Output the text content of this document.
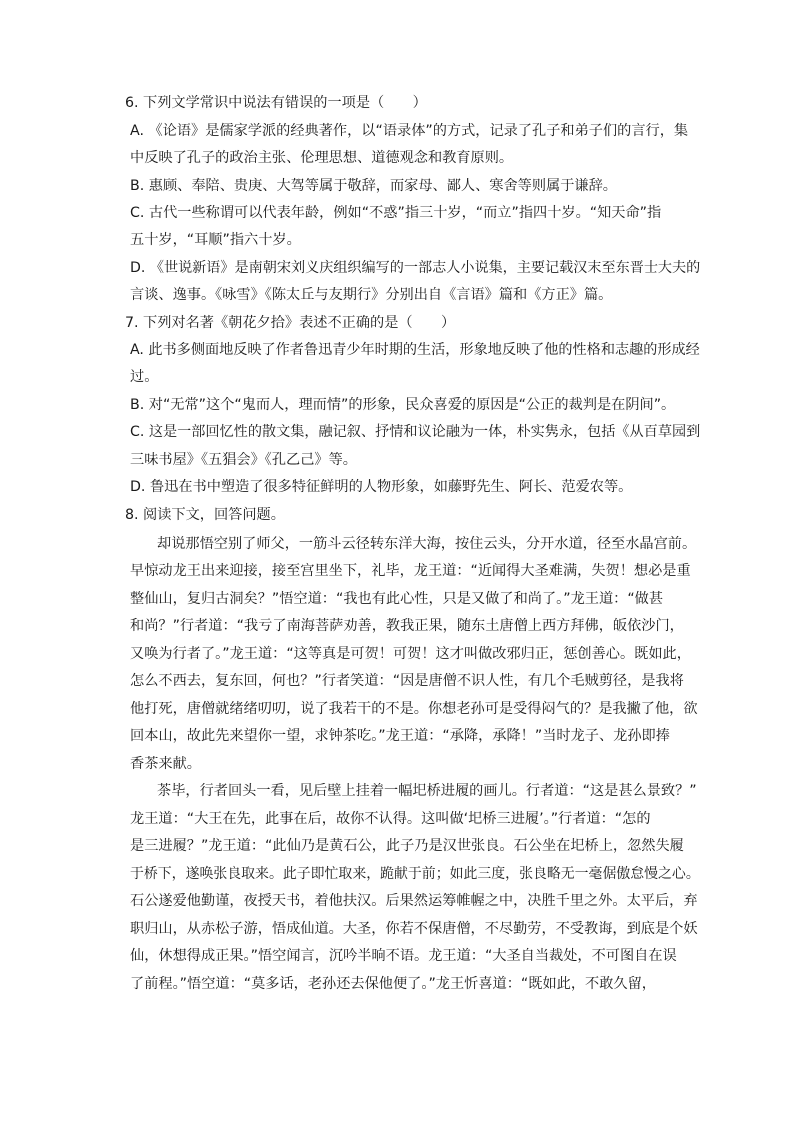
6. 下列文学常识中说法有错误的一项是（　　）
A. 《论语》是儒家学派的经典著作，以“语录体”的方式，记录了孔子和弟子们的言行，集
中反映了孔子的政治主张、伦理思想、道德观念和教育原则。
B. 惠顾、奉陪、贵庚、大驾等属于敬辞，而家母、鄙人、寒舍等则属于谦辞。
C. 古代一些称谓可以代表年龄，例如“不惑”指三十岁，“而立”指四十岁。“知天命”指
五十岁，“耳顺”指六十岁。
D. 《世说新语》是南朝宋刘义庆组织编写的一部志人小说集，主要记载汉末至东晋士大夫的
言谈、逸事。《咏雪》《陈太丘与友期行》分别出自《言语》篇和《方正》篇。
7. 下列对名著《朝花夕拾》表述不正确的是（　　）
A. 此书多侧面地反映了作者鲁迅青少年时期的生活，形象地反映了他的性格和志趣的形成经
过。
B. 对“无常”这个“鬼而人，理而情”的形象，民众喜爱的原因是“公正的裁判是在阴间”。
C. 这是一部回忆性的散文集，融记叙、抒情和议论融为一体，朴实隽永，包括《从百草园到
三味书屋》《五猖会》《孔乙己》等。
D. 鲁迅在书中塑造了很多特征鲜明的人物形象，如藤野先生、阿长、范爱农等。
8. 阅读下文，回答问题。
却说那悟空别了师父，一筋斗云径转东洋大海，按住云头，分开水道，径至水晶宫前。
早惊动龙王出来迎接，接至宫里坐下，礼毕，龙王道：“近闻得大圣难满，失贺！想必是重
整仙山，复归古洞矣？”悟空道：“我也有此心性，只是又做了和尚了。”龙王道：“做甚
和尚？”行者道：“我亏了南海菩萨劝善，教我正果，随东土唐僧上西方拜佛，皈依沙门，
又唤为行者了。”龙王道：“这等真是可贺！可贺！这才叫做改邪归正，惩创善心。既如此，
怎么不西去，复东回，何也？”行者笑道：“因是唐僧不识人性，有几个毛贼剪径，是我将
他打死，唐僧就绪绪叨叨，说了我若干的不是。你想老孙可是受得闷气的？是我撇了他，欲
回本山，故此先来望你一望，求钟茶吃。”龙王道：“承降，承降！”当时龙子、龙孙即捧
香茶来献。
茶毕，行者回头一看，见后壁上挂着一幅圯桥进履的画儿。行者道：“这是甚么景致？”
龙王道：“大王在先，此事在后，故你不认得。这叫做‘圯桥三进履’。”行者道：“怎的
是三进履？”龙王道：“此仙乃是黄石公，此子乃是汉世张良。石公坐在圯桥上，忽然失履
于桥下，遂唤张良取来。此子即忙取来，跪献于前；如此三度，张良略无一毫倨傲怠慢之心。
石公遂爱他勤谨，夜授天书，着他扶汉。后果然运筹帷幄之中，决胜千里之外。太平后，弃
职归山，从赤松子游，悟成仙道。大圣，你若不保唐僧，不尽勤劳，不受教诲，到底是个妖
仙，休想得成正果。”悟空闻言，沉吟半晌不语。龙王道：“大圣自当裁处，不可图自在误
了前程。”悟空道：“莫多话，老孙还去保他便了。”龙王忻喜道：“既如此，不敢久留，
